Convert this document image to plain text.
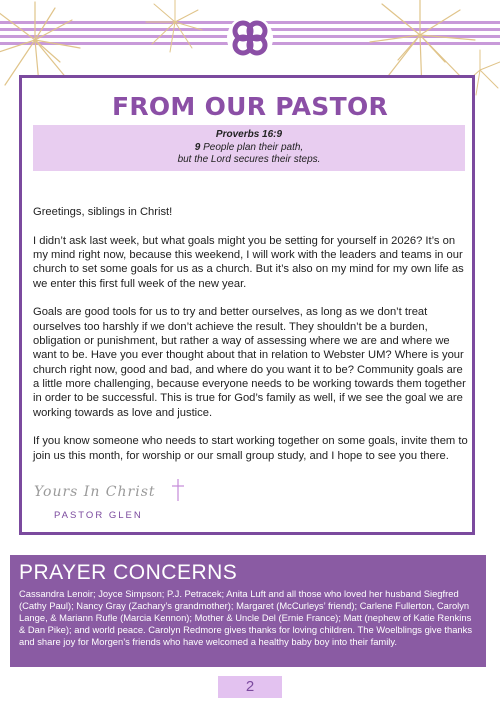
FROM OUR PASTOR
Proverbs 16:9
9 People plan their path,
but the Lord secures their steps.

Greetings, siblings in Christ!

I didn’t ask last week, but what goals might you be setting for yourself in 2026? It’s on my mind right now, because this weekend, I will work with the leaders and teams in our church to set some goals for us as a church. But it’s also on my mind for my own life as we enter this first full week of the new year.

Goals are good tools for us to try and better ourselves, as long as we don’t treat ourselves too harshly if we don’t achieve the result. They shouldn’t be a burden, obligation or punishment, but rather a way of assessing where we are and where we want to be. Have you ever thought about that in relation to Webster UM? Where is your church right now, good and bad, and where do you want it to be? Community goals are a little more challenging, because everyone needs to be working towards them together in order to be successful. This is true for God’s family as well, if we see the goal we are working towards as love and justice.

If you know someone who needs to start working together on some goals, invite them to join us this month, for worship or our small group study, and I hope to see you there.

Yours In Christ
PASTOR GLEN
PRAYER CONCERNS
Cassandra Lenoir; Joyce Simpson; P.J. Petracek; Anita Luft and all those who loved her husband Siegfred (Cathy Paul); Nancy Gray (Zachary’s grandmother); Margaret (McCurleys’ friend); Carlene Fullerton, Carolyn Lange, & Mariann Rufle (Marcia Kennon); Mother & Uncle Del (Ernie France); Matt (nephew of Katie Renkins & Dan Pike); and world peace. Carolyn Redmore gives thanks for loving children. The Woelblings give thanks and share joy for Morgen’s friends who have welcomed a healthy baby boy into their family.
2
